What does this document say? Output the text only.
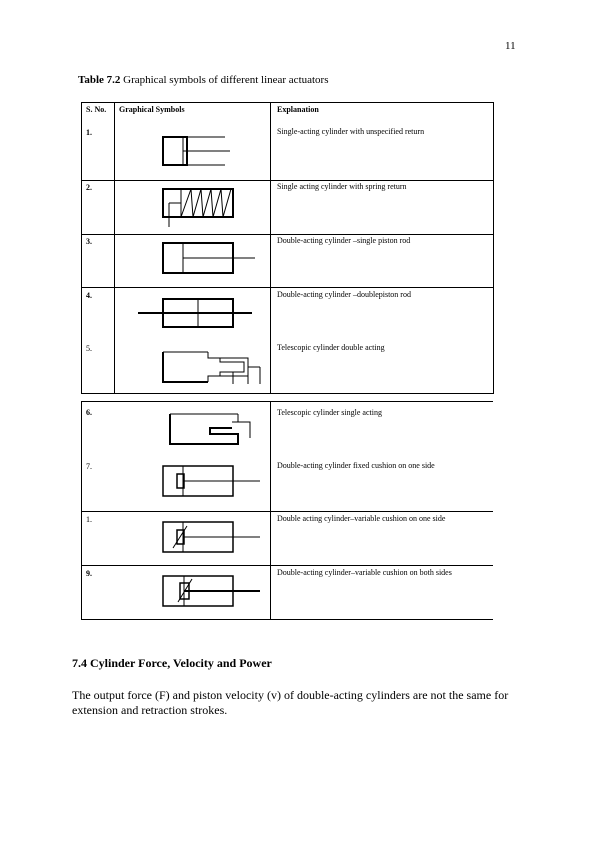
11
Table 7.2 Graphical symbols of different linear actuators
S. No.	Graphical Symbols	Explanation
1.	Single-acting cylinder with unspecified return
2.	Single acting cylinder with spring return
3.	Double-acting cylinder –single piston rod
4.	Double-acting cylinder –doublepiston rod
5.	Telescopic cylinder double acting
6.	Telescopic cylinder single acting
7.	Double-acting cylinder fixed cushion on one side
1.	Double acting cylinder–variable cushion on one side
9.	Double-acting cylinder–variable cushion on both sides
7.4 Cylinder Force, Velocity and Power
The output force (F) and piston velocity (v) of double-acting cylinders are not the same for extension and retraction strokes.
